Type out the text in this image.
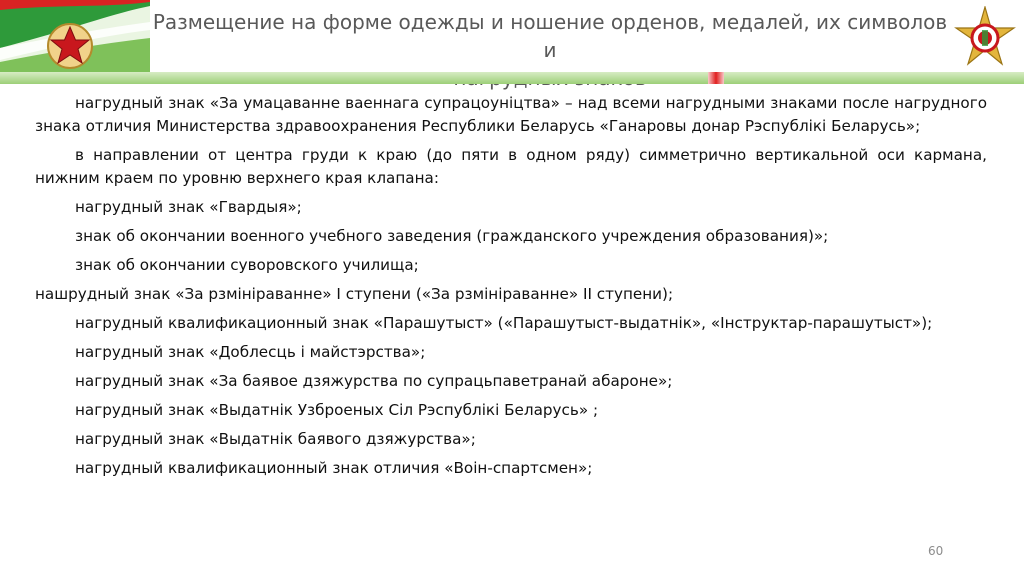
Размещение на форме одежды и ношение орденов, медалей, их символов и

нагрудный знак «За умацаванне ваеннага супрацоуніцтва» – над всеми нагрудными знаками после нагрудного знака отличия Министерства здравоохранения Республики Беларусь «Ганаровы донар Рэспублікі Беларусь»;

в направлении от центра груди к краю (до пяти в одном ряду) симметрично вертикальной оси кармана, нижним краем по уровню верхнего края клапана:

нагрудный знак «Гвардыя»;

знак об окончании военного учебного заведения (гражданского учреждения образования)»;

знак об окончании суворовского училища;

нашрудный знак «За рзмініраванне» І ступени («За рзмініраванне» ІІ ступени);

нагрудный квалификационный знак «Парашутыст» («Парашутыст-выдатнік», «Інструктар-парашутыст»);

нагрудный знак «Доблесць і майстэрства»;

нагрудный знак «За баявое дзяжурства по супрацьпаветранай абароне»;

нагрудный знак «Выдатнік Узброеных Сіл Рэспублікі Беларусь» ;

нагрудный знак «Выдатнік баявого дзяжурства»;

нагрудный квалификационный знак отличия «Воін-спартсмен»;

60
